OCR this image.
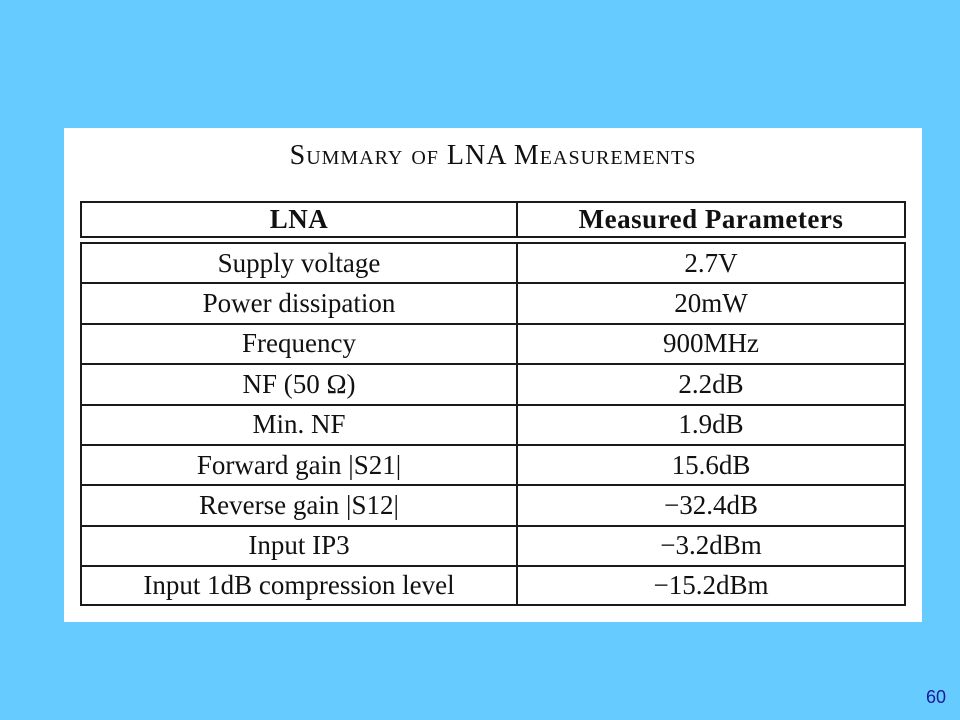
Summary of LNA Measurements
LNA	Measured Parameters
Supply voltage	2.7V
Power dissipation	20mW
Frequency	900MHz
NF (50 Ω)	2.2dB
Min. NF	1.9dB
Forward gain |S21|	15.6dB
Reverse gain |S12|	−32.4dB
Input IP3	−3.2dBm
Input 1dB compression level	−15.2dBm
60
